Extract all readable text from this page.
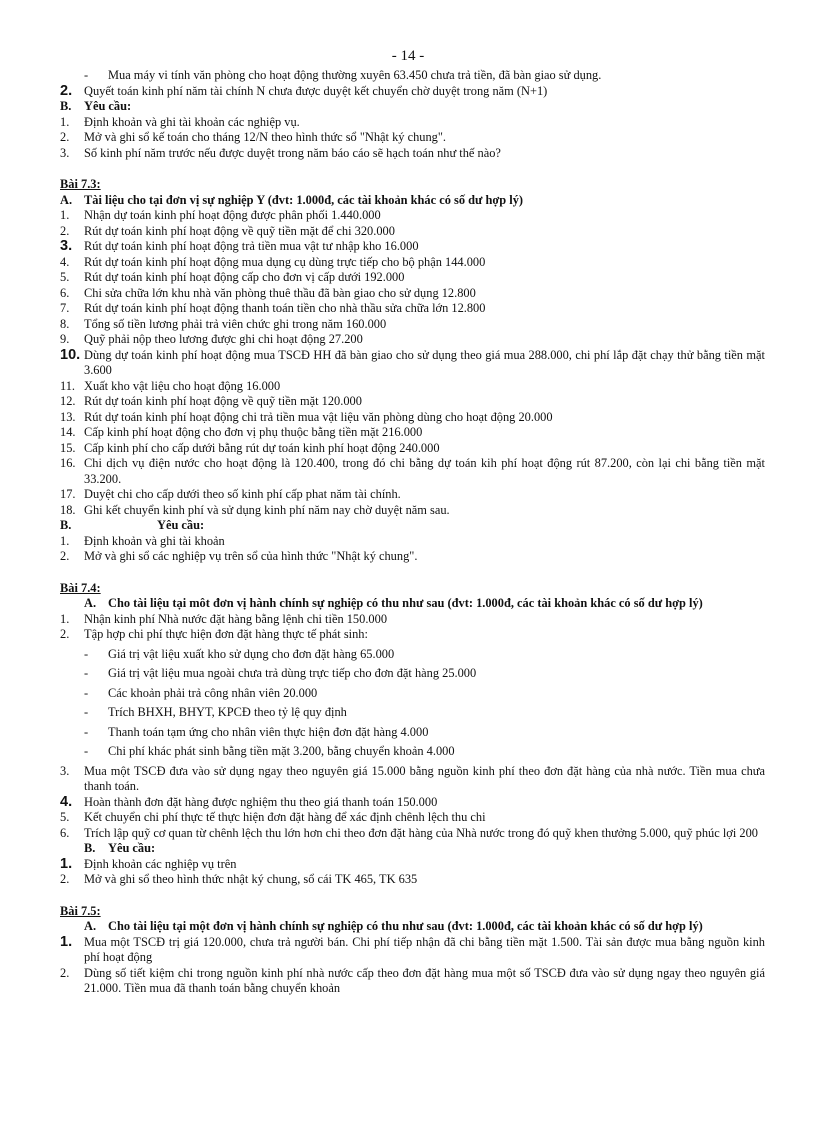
- 14 -
-	Mua máy vi tính văn phòng cho hoạt động thường xuyên 63.450 chưa trả tiền, đã bàn giao sử dụng.
2. Quyết toán kinh phí năm tài chính N chưa được duyệt kết chuyển chờ duyệt trong năm (N+1)
B.	Yêu cầu:
1.	Định khoản và ghi tài khoản các nghiệp vụ.
2.	Mở và ghi sổ kế toán cho tháng 12/N theo hình thức sổ "Nhật ký chung".
3.	Số kinh phí năm trước nếu được duyệt trong năm báo cáo sẽ hạch toán như thế nào?
Bài 7.3:
A. Tài liệu cho tại đơn vị sự nghiệp Y (đvt: 1.000đ, các tài khoản khác có số dư hợp lý)
1.	Nhận dự toán kinh phí hoạt động được phân phối 1.440.000
2.	Rút dự toán kinh phí hoạt động về quỹ tiền mặt để chi 320.000
3. Rút dự toán kinh phí hoạt động trả tiền mua vật tư nhập kho 16.000
4.	Rút dự toán kinh phí hoạt động mua dụng cụ dùng trực tiếp cho bộ phận 144.000
5.	Rút dự toán kinh phí hoạt động cấp cho đơn vị cấp dưới 192.000
6.	Chi sửa chữa lớn khu nhà văn phòng thuê thầu đã bàn giao cho sử dụng 12.800
7.	Rút dự toán kinh phí hoạt động thanh toán tiền cho nhà thầu sửa chữa lớn 12.800
8.	Tổng số tiền lương phải trả viên chức ghi trong năm 160.000
9.	Quỹ phải nộp theo lương được ghi chi hoạt động 27.200
10. Dùng dự toán kinh phí hoạt động mua TSCĐ HH đã bàn giao cho sử dụng theo giá mua 288.000, chi phí lắp đặt chạy thử bằng tiền mặt 3.600
11. Xuất kho vật liệu cho hoạt động 16.000
12. Rút dự toán kinh phí hoạt động về quỹ tiền mặt 120.000
13. Rút dự toán kinh phí hoạt động chi trả tiền mua vật liệu văn phòng dùng cho hoạt động 20.000
14. Cấp kinh phí hoạt động cho đơn vị phụ thuộc bằng tiền mặt 216.000
15. Cấp kinh phí cho cấp dưới bằng rút dự toán kinh phí hoạt động 240.000
16. Chi dịch vụ điện nước cho hoạt động là 120.400, trong đó chi bằng dự toán kih phí hoạt động rút 87.200, còn lại chi bằng tiền mặt 33.200.
17. Duyệt chi cho cấp dưới theo số kinh phí cấp phat năm tài chính.
18. Ghi kết chuyển kinh phí và sử dụng kinh phí năm nay chờ duyệt năm sau.
B.	Yêu cầu:
1.	Định khoản và ghi tài khoản
2.	Mở và ghi sổ các nghiệp vụ trên sổ của hình thức "Nhật ký chung".
Bài 7.4:
A. Cho tài liệu tại môt đơn vị hành chính sự nghiệp có thu như sau (đvt: 1.000đ, các tài khoản khác có số dư hợp lý)
1.	Nhận kinh phí Nhà nước đặt hàng bằng lệnh chi tiền 150.000
2.	Tập hợp chi phí thực hiện đơn đặt hàng thực tế phát sinh:
-	Giá trị vật liệu xuất kho sử dụng cho đơn đặt hàng 65.000
-	Giá trị vật liệu mua ngoài chưa trả dùng trực tiếp cho đơn đặt hàng 25.000
-	Các khoản phải trả công nhân viên 20.000
-	Trích BHXH, BHYT, KPCĐ theo tỷ lệ quy định
-	Thanh toán tạm ứng cho nhân viên thực hiện đơn đặt hàng 4.000
-	Chi phí khác phát sinh bằng tiền mặt 3.200, bằng chuyển khoản 4.000
3.	Mua một TSCĐ đưa vào sử dụng ngay theo nguyên giá 15.000 bằng nguồn kinh phí theo đơn đặt hàng của nhà nước. Tiền mua chưa thanh toán.
4. Hoàn thành đơn đặt hàng được nghiệm thu theo giá thanh toán 150.000
5.	Kết chuyển chi phí thực tế thực hiện đơn đặt hàng để xác định chênh lệch thu chi
6.	Trích lập quỹ cơ quan từ chênh lệch thu lớn hơn chi theo đơn đặt hàng của Nhà nước trong đó quỹ khen thưởng 5.000, quỹ phúc lợi 200
B. Yêu cầu:
1. Định khoản các nghiệp vụ trên
2.	Mở và ghi sổ theo hình thức nhật ký chung, sổ cái TK 465, TK 635
Bài 7.5:
A. Cho tài liệu tại một đơn vị hành chính sự nghiệp có thu như sau (đvt: 1.000đ, các tài khoản khác có số dư hợp lý)
1. Mua một TSCĐ trị giá 120.000, chưa trả người bán. Chi phí tiếp nhận đã chi bằng tiền mặt 1.500. Tài sản được mua bằng nguồn kinh phí hoạt động
2.	Dùng số tiết kiệm chi trong nguồn kinh phí nhà nước cấp theo đơn đặt hàng mua một số TSCĐ đưa vào sử dụng ngay theo nguyên giá 21.000. Tiền mua đã thanh toán bằng chuyển khoản
